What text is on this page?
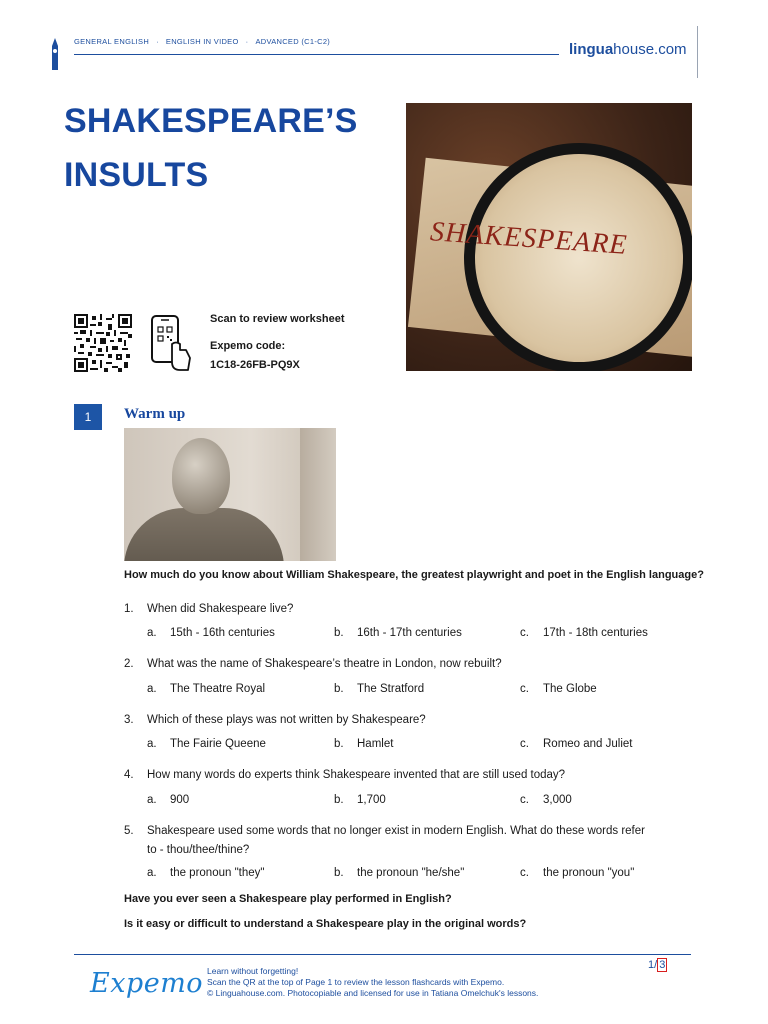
GENERAL ENGLISH · ENGLISH IN VIDEO · ADVANCED (C1-C2)	linguahouse.com
SHAKESPEARE’S
INSULTS
SHAKESPEARE
Scan to review worksheet
Expemo code:
1C18-26FB-PQ9X
1	Warm up
How much do you know about William Shakespeare, the greatest playwright and poet in the English language?
1. When did Shakespeare live?
a. 15th - 16th centuries	b. 16th - 17th centuries	c. 17th - 18th centuries
2. What was the name of Shakespeare’s theatre in London, now rebuilt?
a. The Theatre Royal	b. The Stratford	c. The Globe
3. Which of these plays was not written by Shakespeare?
a. The Fairie Queene	b. Hamlet	c. Romeo and Juliet
4. How many words do experts think Shakespeare invented that are still used today?
a. 900	b. 1,700	c. 3,000
5. Shakespeare used some words that no longer exist in modern English. What do these words refer
to - thou/thee/thine?
a. the pronoun "they"	b. the pronoun "he/she"	c. the pronoun "you"
Have you ever seen a Shakespeare play performed in English?
Is it easy or difficult to understand a Shakespeare play in the original words?
Expemo Learn without forgetting!
Scan the QR at the top of Page 1 to review the lesson flashcards with Expemo.
© Linguahouse.com. Photocopiable and licensed for use in Tatiana Omelchuk's lessons.
1/ 3
